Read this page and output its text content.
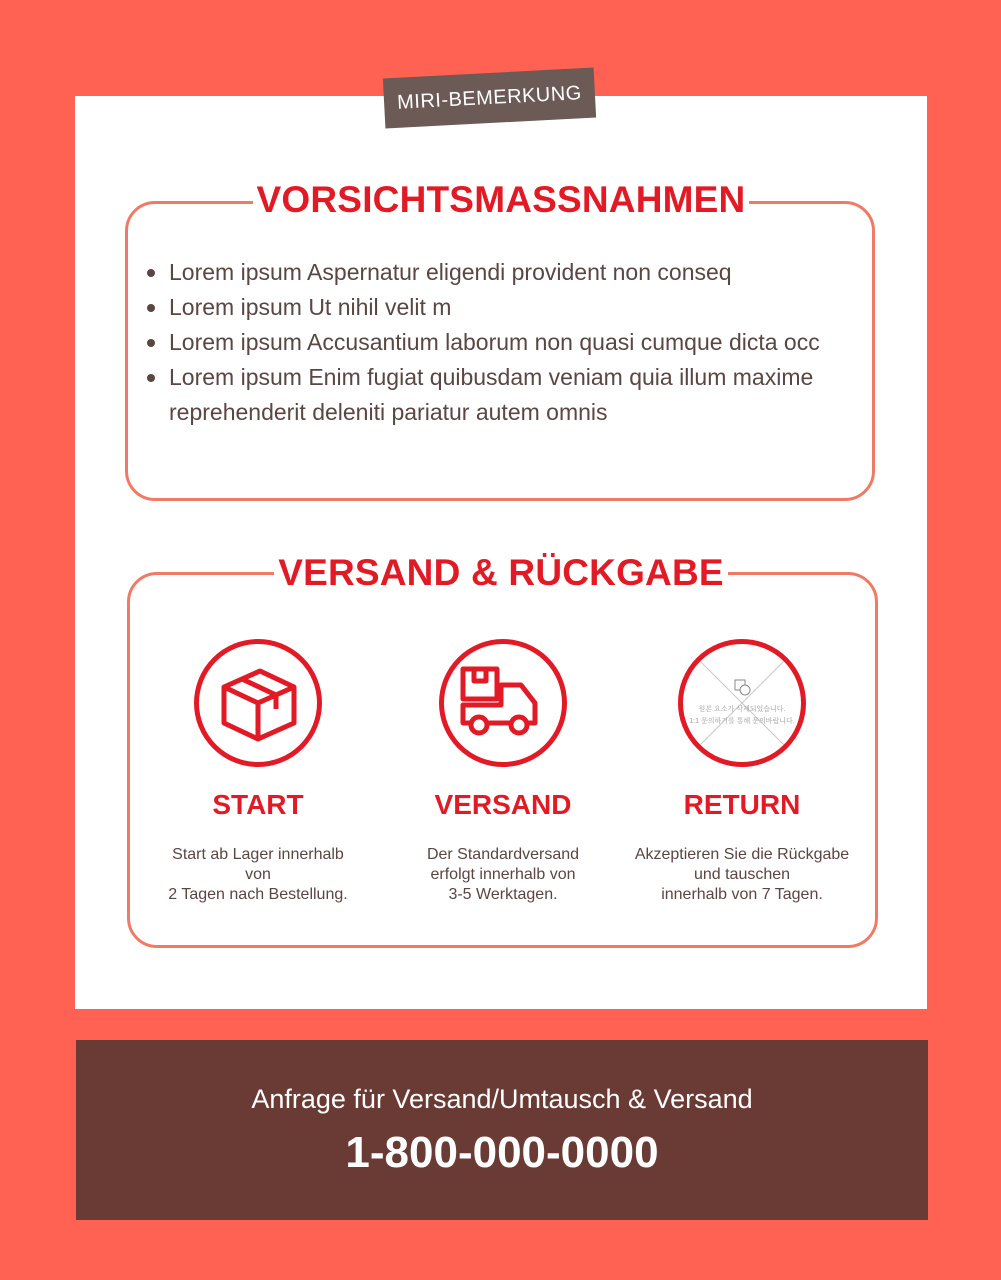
MIRI-BEMERKUNG
VORSICHTSMASSNAHMEN
Lorem ipsum Aspernatur eligendi provident non conseq
Lorem ipsum Ut nihil velit m
Lorem ipsum Accusantium laborum non quasi cumque dicta occ
Lorem ipsum Enim fugiat quibusdam veniam quia illum maxime reprehenderit deleniti pariatur autem omnis
VERSAND & RÜCKGABE
START
Start ab Lager innerhalb
von
2 Tagen nach Bestellung.
VERSAND
Der Standardversand
erfolgt innerhalb von
3-5 Werktagen.
원본 요소가 삭제되었습니다.
1:1 문의하기를 통해 문의바랍니다.
RETURN
Akzeptieren Sie die Rückgabe
und tauschen
innerhalb von 7 Tagen.
Anfrage für Versand/Umtausch & Versand
1-800-000-0000
